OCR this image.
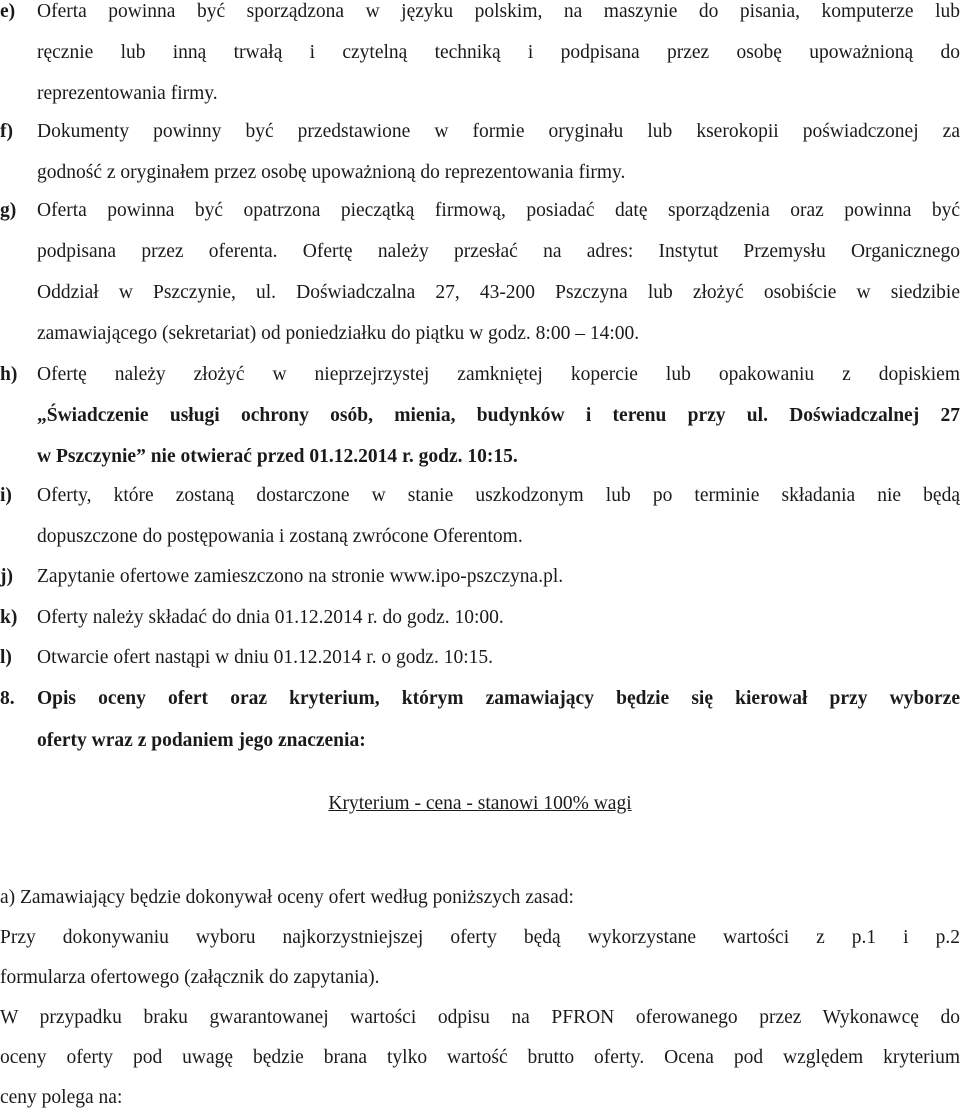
e) Oferta powinna być sporządzona w języku polskim, na maszynie do pisania, komputerze lub
ręcznie lub inną trwałą i czytelną techniką i podpisana przez osobę upoważnioną do
reprezentowania firmy.
f) Dokumenty powinny być przedstawione w formie oryginału lub kserokopii poświadczonej za
godność z oryginałem przez osobę upoważnioną do reprezentowania firmy.
g) Oferta powinna być opatrzona pieczątką firmową, posiadać datę sporządzenia oraz powinna być
podpisana przez oferenta. Ofertę należy przesłać na adres: Instytut Przemysłu Organicznego
Oddział w Pszczynie, ul. Doświadczalna 27, 43-200 Pszczyna lub złożyć osobiście w siedzibie
zamawiającego (sekretariat) od poniedziałku do piątku w godz. 8:00 – 14:00.
h) Ofertę należy złożyć w nieprzejrzystej zamkniętej kopercie lub opakowaniu z dopiskiem
„Świadczenie usługi ochrony osób, mienia, budynków i terenu przy ul. Doświadczalnej 27
w Pszczynie” nie otwierać przed 01.12.2014 r. godz. 10:15.
i) Oferty, które zostaną dostarczone w stanie uszkodzonym lub po terminie składania nie będą
dopuszczone do postępowania i zostaną zwrócone Oferentom.
j) Zapytanie ofertowe zamieszczono na stronie www.ipo-pszczyna.pl.
k) Oferty należy składać do dnia 01.12.2014 r. do godz. 10:00.
l) Otwarcie ofert nastąpi w dniu 01.12.2014 r. o godz. 10:15.
8. Opis oceny ofert oraz kryterium, którym zamawiający będzie się kierował przy wyborze
oferty wraz z podaniem jego znaczenia:
Kryterium - cena - stanowi 100% wagi
a) Zamawiający będzie dokonywał oceny ofert według poniższych zasad:
Przy dokonywaniu wyboru najkorzystniejszej oferty będą wykorzystane wartości z p.1 i p.2
formularza ofertowego (załącznik do zapytania).
W przypadku braku gwarantowanej wartości odpisu na PFRON oferowanego przez Wykonawcę do
oceny oferty pod uwagę będzie brana tylko wartość brutto oferty. Ocena pod względem kryterium
ceny polega na:
